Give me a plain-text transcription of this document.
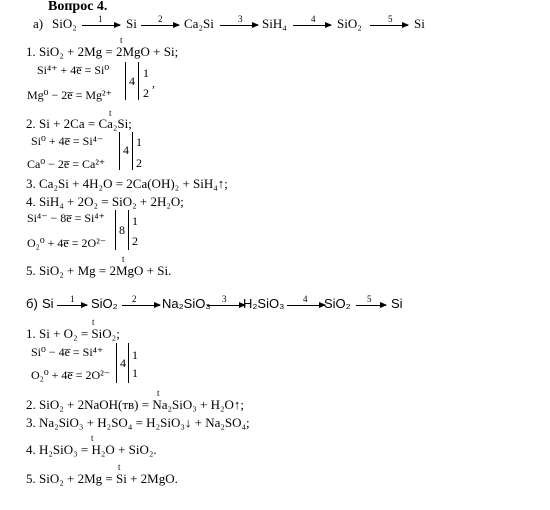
Вопрос 4.
а) SiO₂ 1 Si 2 Ca₂Si	3 SiH₄	4 SiO₂	5 Si
t
1. SiO₂ + 2Mg = 2MgO + Si;
Si⁴⁺ + 4e̅ = Si⁰
Mg⁰ − 2e̅ = Mg²⁺
4
1
2
,
t
2. Si + 2Ca = Ca₂Si;
Si⁰ + 4e̅ = Si⁴⁻
Ca⁰ − 2e̅ = Ca²⁺
4
1
2
3. Ca₂Si + 4H₂O = 2Ca(OH)₂ + SiH₄↑;
4. SiH₄ + 2O₂ = SiO₂ + 2H₂O;
Si⁴⁻ − 8e̅ = Si⁴⁺
O₂⁰ + 4e̅ = 2O²⁻
8
1
2
t
5. SiO₂ + Mg = 2MgO + Si.
б) Si 1 SiO₂ 2 Na₂SiO₃ 3 H₂SiO₃ 4 SiO₂ 5 Si
t
1. Si + O₂ = SiO₂;
Si⁰ − 4e̅ = Si⁴⁺
O₂⁰ + 4e̅ = 2O²⁻
4
1
1
t
2. SiO₂ + 2NaOH(тв) = Na₂SiO₃ + H₂O↑;
3. Na₂SiO₃ + H₂SO₄ = H₂SiO₃↓ + Na₂SO₄;
t
4. H₂SiO₃ = H₂O + SiO₂.
t
5. SiO₂ + 2Mg = Si + 2MgO.
